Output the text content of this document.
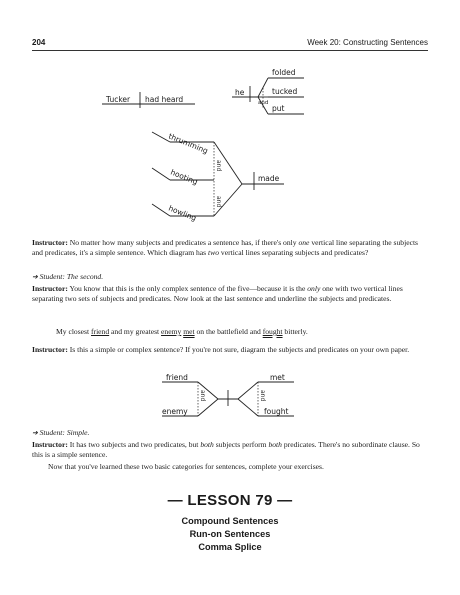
204	Week 20: Constructing Sentences
Tucker had heard
he
folded
tucked
put
and
thrumming
hooting
howling
and
and
made
Instructor: No matter how many subjects and predicates a sentence has, if there's only one vertical line separating the subjects and predicates, it's a simple sentence. Which diagram has two vertical lines separating subjects and predicates?
➔ Student: The second.
Instructor: You know that this is the only complex sentence of the five—because it is the only one with two vertical lines separating two sets of subjects and predicates. Now look at the last sentence and underline the subjects and predicates.
My closest friend and my greatest enemy met on the battlefield and fought bitterly.
Instructor: Is this a simple or complex sentence? If you're not sure, diagram the subjects and predicates on your own paper.
friend
enemy
and	and
met
fought
➔ Student: Simple.
Instructor: It has two subjects and two predicates, but both subjects perform both predicates. There's no subordinate clause. So this is a simple sentence.
Now that you've learned these two basic categories for sentences, complete your exercises.
— LESSON 79 —
Compound Sentences
Run-on Sentences
Comma Splice
